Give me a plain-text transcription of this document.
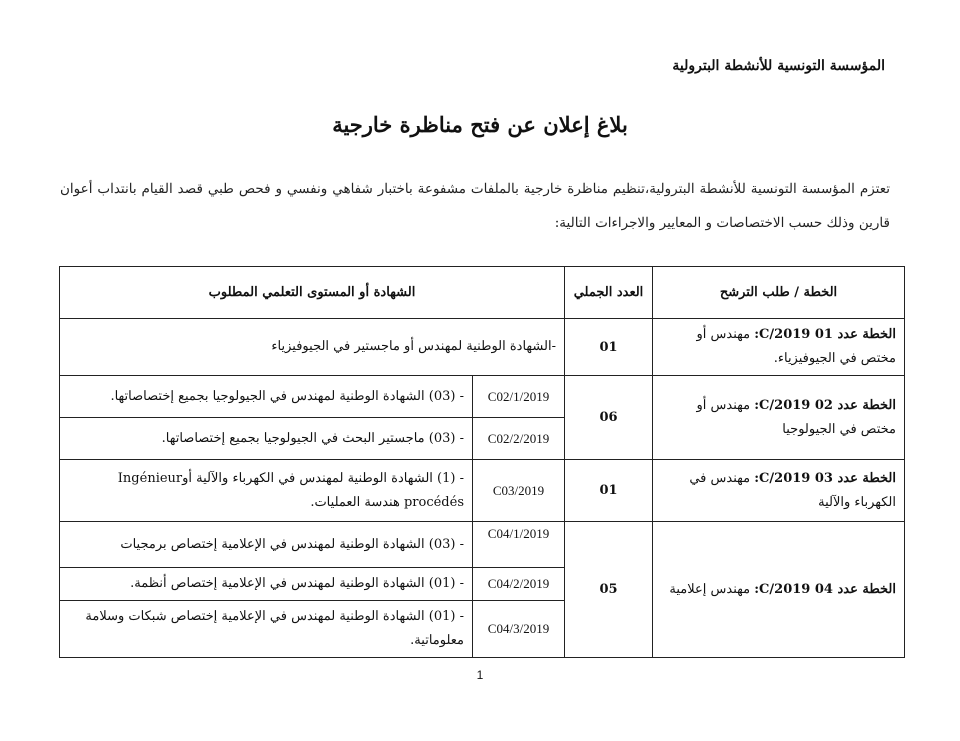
المؤسسة التونسية للأنشطة البترولية
بلاغ إعلان عن فتح مناظرة خارجية
تعتزم المؤسسة التونسية للأنشطة البترولية،تنظيم مناظرة خارجية بالملفات مشفوعة باختبار شفاهي ونفسي و فحص طبي قصد القيام بانتداب أعوان قارين وذلك حسب الاختصاصات و المعايير والاجراءات التالية:
الخطة / طلب الترشح	العدد الجملي	الشهادة أو المستوى التعلمي المطلوب	
الخطة عدد 01 2019/C: مهندس أو مختص في الجيوفيزياء.	01	-الشهادة الوطنية لمهندس أو ماجستير في الجيوفيزياء	
الخطة عدد 02 2019/C: مهندس أو مختص في الجيولوجيا	06	C02/1/2019	- (03) الشهادة الوطنية لمهندس في الجيولوجيا بجميع إختصاصاتها.
		C02/2/2019	- (03) ماجستير البحث في الجيولوجيا بجميع إختصاصاتها.
الخطة عدد 03 2019/C: مهندس في الكهرباء والآلية	01	C03/2019	- (1) الشهادة الوطنية لمهندس في الكهرباء والآلية أوIngénieur procédés هندسة العمليات.
الخطة عدد 04 2019/C: مهندس إعلامية	05	C04/1/2019	- (03) الشهادة الوطنية لمهندس في الإعلامية إختصاص برمجيات
		C04/2/2019	- (01) الشهادة الوطنية لمهندس في الإعلامية إختصاص أنظمة.
		C04/3/2019	- (01) الشهادة الوطنية لمهندس في الإعلامية إختصاص شبكات وسلامة معلوماتية.
1
